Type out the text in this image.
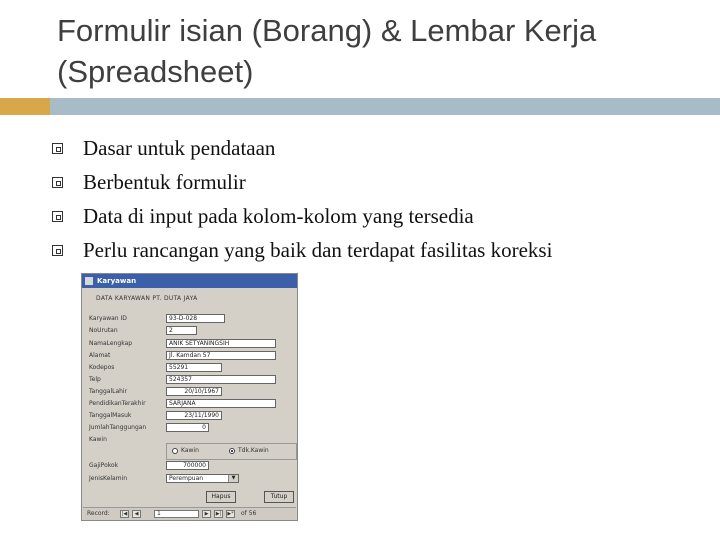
Formulir isian (Borang) & Lembar Kerja (Spreadsheet)
Dasar untuk pendataan
Berbentuk formulir
Data di input pada kolom-kolom yang tersedia
Perlu rancangan yang baik dan terdapat fasilitas koreksi
Karyawan
DATA KARYAWAN PT. DUTA JAYA
Karyawan ID	93-D-028
NoUrutan	2
NamaLengkap	ANIK SETYANINGSIH
Alamat	Jl. Kamdan 57
Kodepos	55291
Telp	524357
TanggalLahir	20/10/1967
PendidikanTerakhir	SARJANA
TanggalMasuk	23/11/1990
JumlahTanggungan	0
Kawin
Kawin	Tdk.Kawin
GajiPokok	700000
JenisKelamin	Perempuan	▼
Hapus	Tutup
Record:	|◀	◀	1	▶	▶|	▶* of 56
